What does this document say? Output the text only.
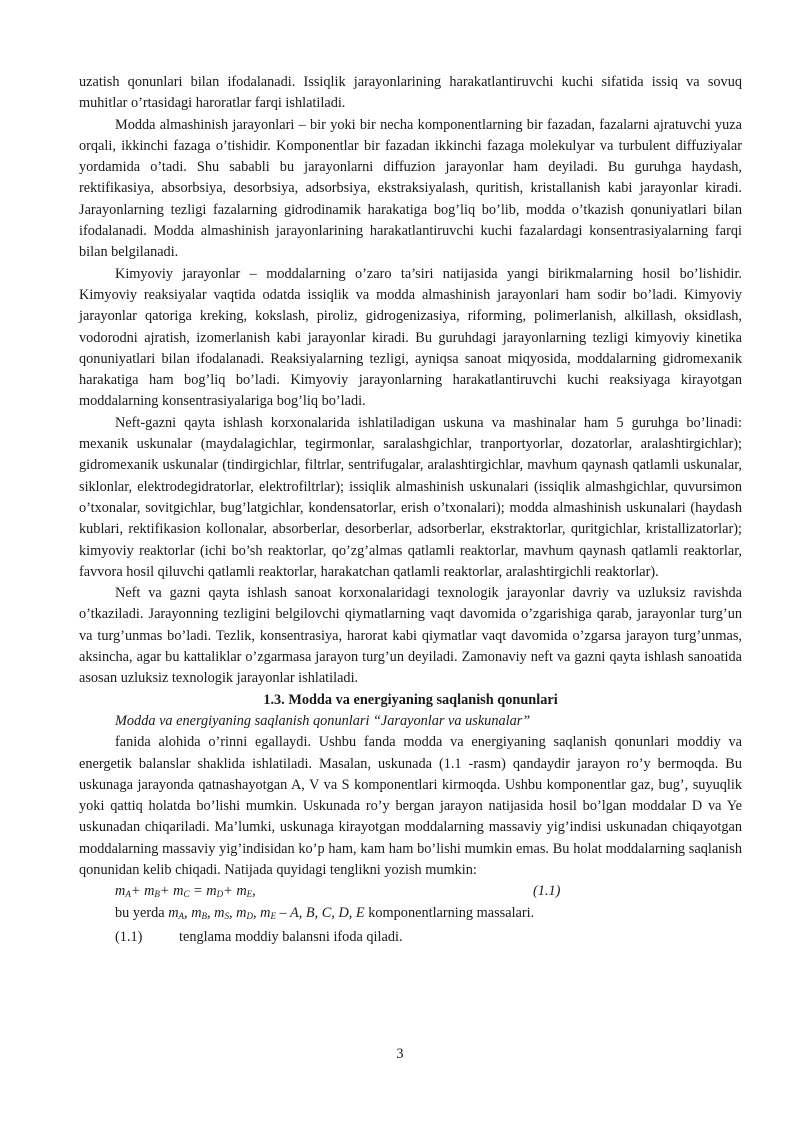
uzatish qonunlari bilan ifodalanadi. Issiqlik jarayonlarining harakatlantiruvchi kuchi sifatida issiq va sovuq muhitlar o’rtasidagi haroratlar farqi ishlatiladi.

Modda almashinish jarayonlari – bir yoki bir necha komponentlarning bir fazadan, fazalarni ajratuvchi yuza orqali, ikkinchi fazaga o’tishidir. Komponentlar bir fazadan ikkinchi fazaga molekulyar va turbulent diffuziyalar yordamida o’tadi. Shu sababli bu jarayonlarni diffuzion jarayonlar ham deyiladi. Bu guruhga haydash, rektifikasiya, absorbsiya, desorbsiya, adsorbsiya, ekstraksiyalash, quritish, kristallanish kabi jarayonlar kiradi. Jarayonlarning tezligi fazalarning gidrodinamik harakatiga bog’liq bo’lib, modda o’tkazish qonuniyatlari bilan ifodalanadi. Modda almashinish jarayonlarining harakatlantiruvchi kuchi fazalardagi konsentrasiyalarning farqi bilan belgilanadi.

Kimyoviy jarayonlar – moddalarning o’zaro ta’siri natijasida yangi birikmalarning hosil bo’lishidir. Kimyoviy reaksiyalar vaqtida odatda issiqlik va modda almashinish jarayonlari ham sodir bo’ladi. Kimyoviy jarayonlar qatoriga kreking, kokslash, piroliz, gidrogenizasiya, riforming, polimerlanish, alkillash, oksidlash, vodorodni ajratish, izomerlanish kabi jarayonlar kiradi. Bu guruhdagi jarayonlarning tezligi kimyoviy kinetika qonuniyatlari bilan ifodalanadi. Reaksiyalarning tezligi, ayniqsa sanoat miqyosida, moddalarning gidromexanik harakatiga ham bog’liq bo’ladi. Kimyoviy jarayonlarning harakatlantiruvchi kuchi reaksiyaga kirayotgan moddalarning konsentrasiyalariga bog’liq bo’ladi.

Neft-gazni qayta ishlash korxonalarida ishlatiladigan uskuna va mashinalar ham 5 guruhga bo’linadi: mexanik uskunalar (maydalagichlar, tegirmonlar, saralashgichlar, tranportyorlar, dozatorlar, aralashtirgichlar); gidromexanik uskunalar (tindirgichlar, filtrlar, sentrifugalar, aralashtirgichlar, mavhum qaynash qatlamli uskunalar, siklonlar, elektrodegidratorlar, elektrofiltrlar); issiqlik almashinish uskunalari (issiqlik almashgichlar, quvursimon o’txonalar, sovitgichlar, bug’latgichlar, kondensatorlar, erish o’txonalari); modda almashinish uskunalari (haydash kublari, rektifikasion kollonalar, absorberlar, desorberlar, adsorberlar, ekstraktorlar, quritgichlar, kristallizatorlar); kimyoviy reaktorlar (ichi bo’sh reaktorlar, qo’zg’almas qatlamli reaktorlar, mavhum qaynash qatlamli reaktorlar, favvora hosil qiluvchi qatlamli reaktorlar, harakatchan qatlamli reaktorlar, aralashtirgichli reaktorlar).

Neft va gazni qayta ishlash sanoat korxonalaridagi texnologik jarayonlar davriy va uzluksiz ravishda o’tkaziladi. Jarayonning tezligini belgilovchi qiymatlarning vaqt davomida o’zgarishiga qarab, jarayonlar turg’un va turg’unmas bo’ladi. Tezlik, konsentrasiya, harorat kabi qiymatlar vaqt davomida o’zgarsa jarayon turg’unmas, aksincha, agar bu kattaliklar o’zgarmasa jarayon turg’un deyiladi. Zamonaviy neft va gazni qayta ishlash sanoatida asosan uzluksiz texnologik jarayonlar ishlatiladi.

1.3. Modda va energiyaning saqlanish qonunlari

Modda va energiyaning saqlanish qonunlari “Jarayonlar va uskunalar”

fanida alohida o’rinni egallaydi. Ushbu fanda modda va energiyaning saqlanish qonunlari moddiy va energetik balanslar shaklida ishlatiladi. Masalan, uskunada (1.1 -rasm) qandaydir jarayon ro’y bermoqda. Bu uskunaga jarayonda qatnashayotgan A, V va S komponentlari kirmoqda. Ushbu komponentlar gaz, bug’, suyuqlik yoki qattiq holatda bo’lishi mumkin. Uskunada ro’y bergan jarayon natijasida hosil bo’lgan moddalar D va Ye uskunadan chiqariladi. Ma’lumki, uskunaga kirayotgan moddalarning massaviy yig’indisi uskunadan chiqayotgan moddalarning massaviy yig’indisidan ko’p ham, kam ham bo’lishi mumkin emas. Bu holat moddalarning saqlanish qonunidan kelib chiqadi. Natijada quyidagi tenglikni yozish mumkin:

$m_A+ m_B+ m_C = m_D+ m_E$,	(1.1)

bu yerda $m_A$, $m_B$, $m_S$, $m_D$, $m_E$ – A, B, C, D, E komponentlarning massalari.

(1.1)	tenglama moddiy balansni ifoda qiladi.

3
